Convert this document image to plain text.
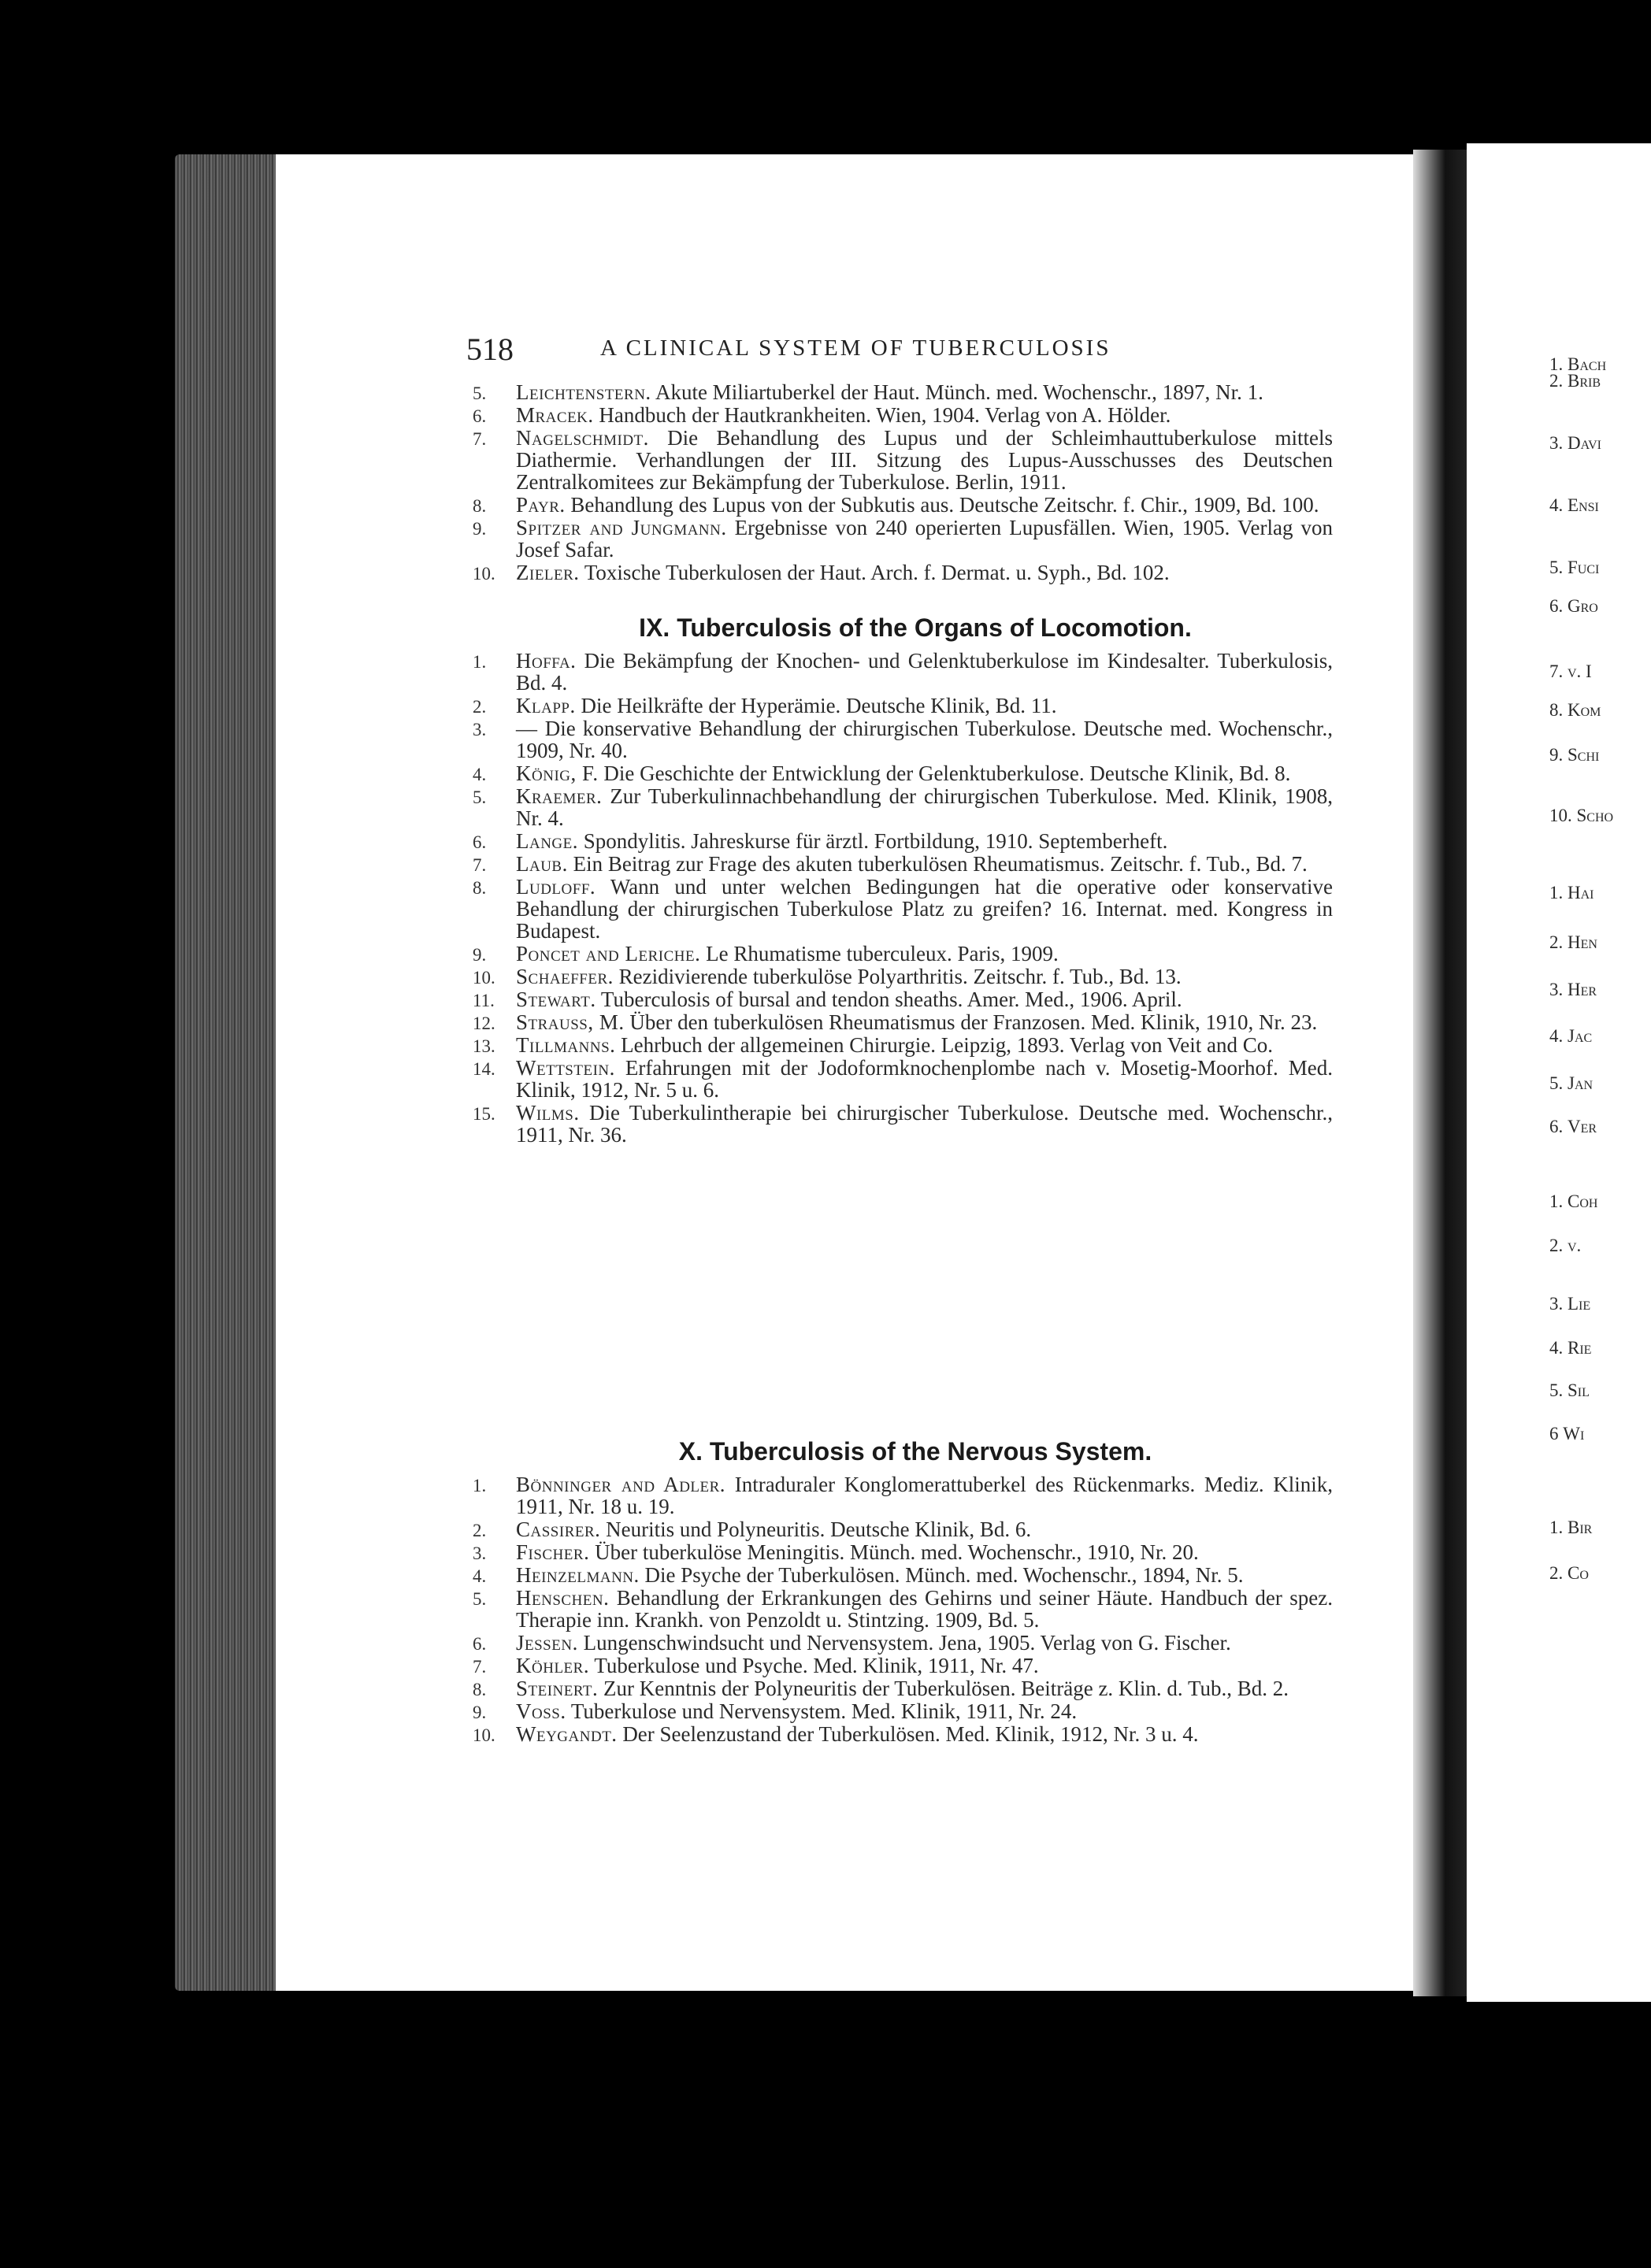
518	A CLINICAL SYSTEM OF TUBERCULOSIS
5.	Leichtenstern. Akute Miliartuberkel der Haut. Münch. med. Wochenschr., 1897, Nr. 1.
6.	Mracek. Handbuch der Hautkrankheiten. Wien, 1904. Verlag von A. Hölder.
7.	Nagelschmidt. Die Behandlung des Lupus und der Schleimhauttuberkulose mittels Diathermie. Verhandlungen der III. Sitzung des Lupus-Ausschusses des Deutschen Zentralkomitees zur Bekämpfung der Tuberkulose. Berlin, 1911.
8.	Payr. Behandlung des Lupus von der Subkutis aus. Deutsche Zeitschr. f. Chir., 1909, Bd. 100.
9.	Spitzer and Jungmann. Ergebnisse von 240 operierten Lupusfällen. Wien, 1905. Verlag von Josef Safar.
10. Zieler. Toxische Tuberkulosen der Haut. Arch. f. Dermat. u. Syph., Bd. 102.
IX. Tuberculosis of the Organs of Locomotion.
1.	Hoffa. Die Bekämpfung der Knochen- und Gelenktuberkulose im Kindesalter. Tuberkulosis, Bd. 4.
2.	Klapp. Die Heilkräfte der Hyperämie. Deutsche Klinik, Bd. 11.
3.	— Die konservative Behandlung der chirurgischen Tuberkulose. Deutsche med. Wochenschr., 1909, Nr. 40.
4.	König, F. Die Geschichte der Entwicklung der Gelenktuberkulose. Deutsche Klinik, Bd. 8.
5.	Kraemer. Zur Tuberkulinnachbehandlung der chirurgischen Tuberkulose. Med. Klinik, 1908, Nr. 4.
6.	Lange. Spondylitis. Jahreskurse für ärztl. Fortbildung, 1910. Septemberheft.
7.	Laub. Ein Beitrag zur Frage des akuten tuberkulösen Rheumatismus. Zeitschr. f. Tub., Bd. 7.
8.	Ludloff. Wann und unter welchen Bedingungen hat die operative oder konservative Behandlung der chirurgischen Tuberkulose Platz zu greifen? 16. Internat. med. Kongress in Budapest.
9.	Poncet and Leriche. Le Rhumatisme tuberculeux. Paris, 1909.
10. Schaeffer. Rezidivierende tuberkulöse Polyarthritis. Zeitschr. f. Tub., Bd. 13.
11.	Stewart. Tuberculosis of bursal and tendon sheaths. Amer. Med., 1906. April.
12. Strauss, M. Über den tuberkulösen Rheumatismus der Franzosen. Med. Klinik, 1910, Nr. 23.
13. Tillmanns. Lehrbuch der allgemeinen Chirurgie. Leipzig, 1893. Verlag von Veit and Co.
14. Wettstein. Erfahrungen mit der Jodoformknochenplombe nach v. Mosetig-Moorhof. Med. Klinik, 1912, Nr. 5 u. 6.
15. Wilms. Die Tuberkulintherapie bei chirurgischer Tuberkulose. Deutsche med. Wochenschr., 1911, Nr. 36.
X. Tuberculosis of the Nervous System.
1.	Bönninger and Adler. Intraduraler Konglomerattuberkel des Rückenmarks. Mediz. Klinik, 1911, Nr. 18 u. 19.
2.	Cassirer. Neuritis und Polyneuritis. Deutsche Klinik, Bd. 6.
3.	Fischer. Über tuberkulöse Meningitis. Münch. med. Wochenschr., 1910, Nr. 20.
4.	Heinzelmann. Die Psyche der Tuberkulösen. Münch. med. Wochenschr., 1894, Nr. 5.
5.	Henschen. Behandlung der Erkrankungen des Gehirns und seiner Häute. Handbuch der spez. Therapie inn. Krankh. von Penzoldt u. Stintzing. 1909, Bd. 5.
6.	Jessen. Lungenschwindsucht und Nervensystem. Jena, 1905. Verlag von G. Fischer.
7.	Köhler. Tuberkulose und Psyche. Med. Klinik, 1911, Nr. 47.
8.	Steinert. Zur Kenntnis der Polyneuritis der Tuberkulösen. Beiträge z. Klin. d. Tub., Bd. 2.
9.	Voss. Tuberkulose und Nervensystem. Med. Klinik, 1911, Nr. 24.
10. Weygandt. Der Seelenzustand der Tuberkulösen. Med. Klinik, 1912, Nr. 3 u. 4.
1. Bach
2. Brib
3. Davi
4. Ensi
5. Fuci
6. Gro
7. v. I
8. Kom
9. Schi
10. Scho
1. Hai
2. Hen
3. Her
4. Jac
5. Jan
6. Ver
1. Coh
2. v.
3. Lie
4. Rie
5. Sil
6 Wi
1. Bir
2. Co
